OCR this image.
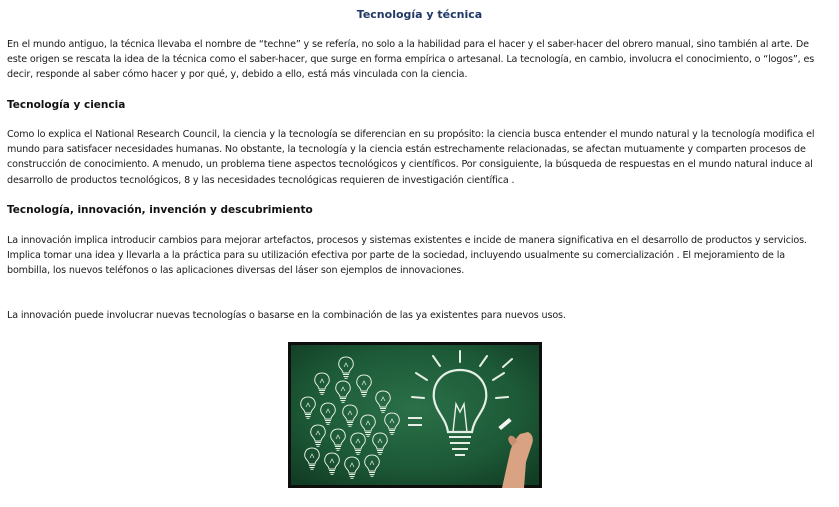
Tecnología y técnica

En el mundo antiguo, la técnica llevaba el nombre de “techne” y se refería, no solo a la habilidad para el hacer y el saber-hacer del obrero manual, sino también al arte. De este origen se rescata la idea de la técnica como el saber-hacer, que surge en forma empírica o artesanal. La tecnología, en cambio, involucra el conocimiento, o “logos”, es decir, responde al saber cómo hacer y por qué, y, debido a ello, está más vinculada con la ciencia.

Tecnología y ciencia

Como lo explica el National Research Council, la ciencia y la tecnología se diferencian en su propósito: la ciencia busca entender el mundo natural y la tecnología modifica el mundo para satisfacer necesidades humanas. No obstante, la tecnología y la ciencia están estrechamente relacionadas, se afectan mutuamente y comparten procesos de construcción de conocimiento. A menudo, un problema tiene aspectos tecnológicos y científicos. Por consiguiente, la búsqueda de respuestas en el mundo natural induce al desarrollo de productos tecnológicos, 8 y las necesidades tecnológicas requieren de investigación científica .

Tecnología, innovación, invención y descubrimiento

La innovación implica introducir cambios para mejorar artefactos, procesos y sistemas existentes e incide de manera significativa en el desarrollo de productos y servicios. Implica tomar una idea y llevarla a la práctica para su utilización efectiva por parte de la sociedad, incluyendo usualmente su comercialización . El mejoramiento de la bombilla, los nuevos teléfonos o las aplicaciones diversas del láser son ejemplos de innovaciones.

La innovación puede involucrar nuevas tecnologías o basarse en la combinación de las ya existentes para nuevos usos.
